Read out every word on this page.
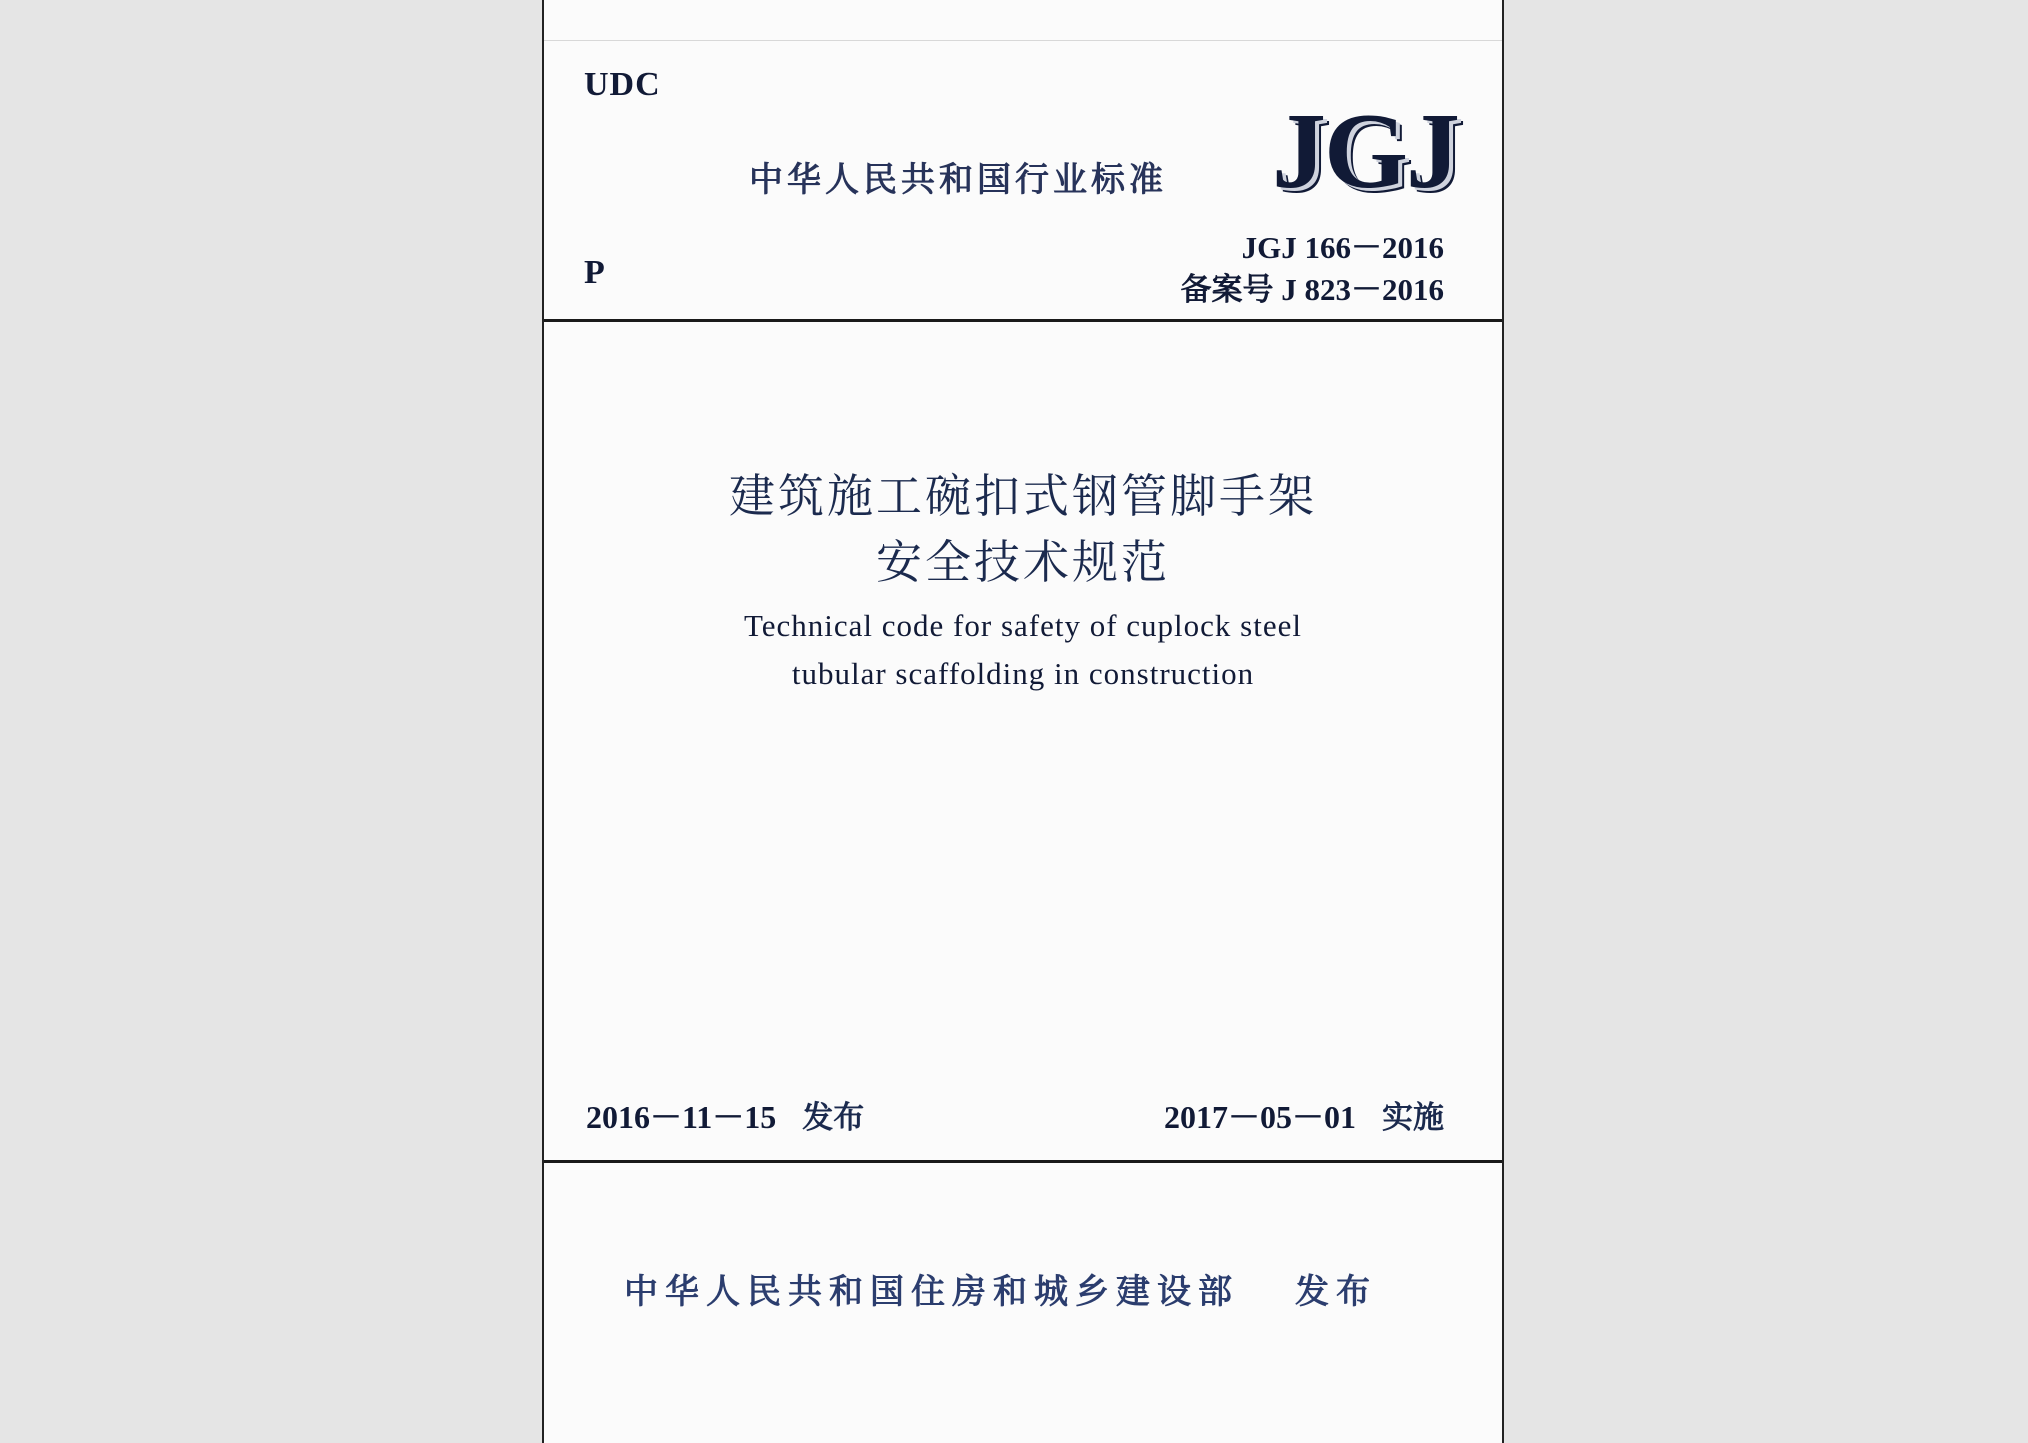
UDC
中华人民共和国行业标准 JGJ
P
JGJ 166－2016
备案号 J 823－2016
建筑施工碗扣式钢管脚手架
安全技术规范
Technical code for safety of cuplock steel
tubular scaffolding in construction
2016－11－15 发布	2017－05－01 实施
中华人民共和国住房和城乡建设部 发布
